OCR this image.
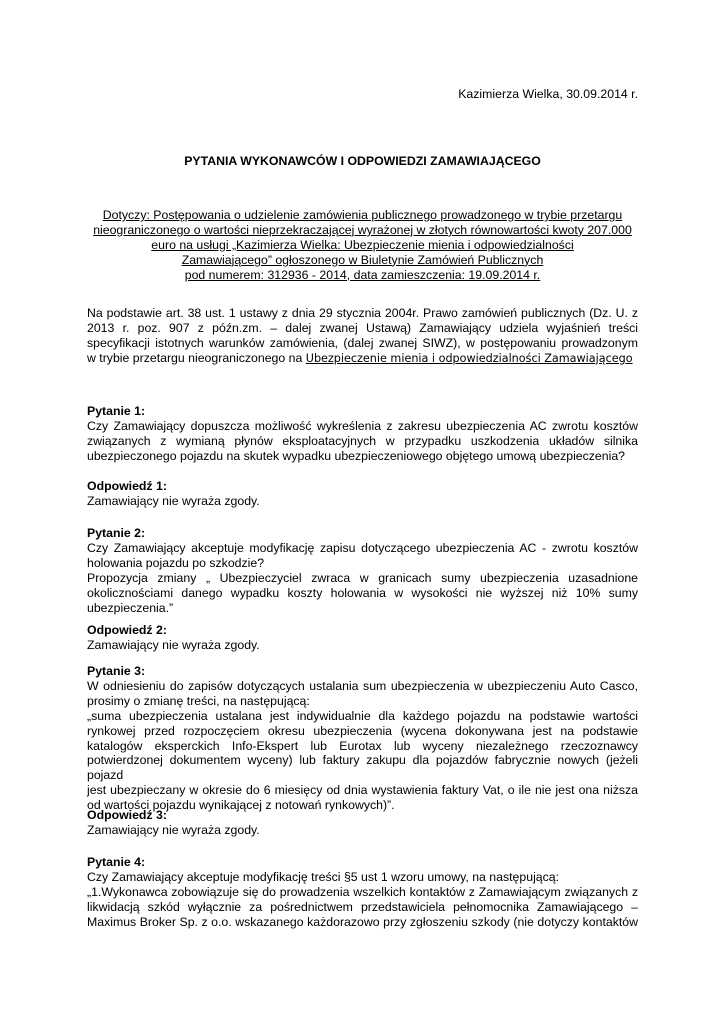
Kazimierza Wielka, 30.09.2014 r.
PYTANIA WYKONAWCÓW I ODPOWIEDZI ZAMAWIAJĄCEGO
Dotyczy: Postępowania o udzielenie zamówienia publicznego prowadzonego w trybie przetargu
nieograniczonego o wartości nieprzekraczającej wyrażonej w złotych równowartości kwoty 207.000
euro na usługi „Kazimierza Wielka: Ubezpieczenie mienia i odpowiedzialności
Zamawiającego” ogłoszonego w Biuletynie Zamówień Publicznych
pod numerem: 312936 - 2014, data zamieszczenia: 19.09.2014 r.
Na podstawie art. 38 ust. 1 ustawy z dnia 29 stycznia 2004r. Prawo zamówień publicznych (Dz. U. z
2013 r. poz. 907 z późn.zm. – dalej zwanej Ustawą) Zamawiający udziela wyjaśnień treści
specyfikacji istotnych warunków zamówienia, (dalej zwanej SIWZ), w postępowaniu prowadzonym
w trybie przetargu nieograniczonego na Ubezpieczenie mienia i odpowiedzialności Zamawiającego
Pytanie 1:
Czy Zamawiający dopuszcza możliwość wykreślenia z zakresu ubezpieczenia AC zwrotu kosztów
związanych z wymianą płynów eksploatacyjnych w przypadku uszkodzenia układów silnika
ubezpieczonego pojazdu na skutek wypadku ubezpieczeniowego objętego umową ubezpieczenia?
Odpowiedź 1:
Zamawiający nie wyraża zgody.
Pytanie 2:
Czy Zamawiający akceptuje modyfikację zapisu dotyczącego ubezpieczenia AC - zwrotu kosztów
holowania pojazdu po szkodzie?
Propozycja zmiany „ Ubezpieczyciel zwraca w granicach sumy ubezpieczenia uzasadnione
okolicznościami danego wypadku koszty holowania w wysokości nie wyższej niż 10% sumy
ubezpieczenia.”
Odpowiedź 2:
Zamawiający nie wyraża zgody.
Pytanie 3:
W odniesieniu do zapisów dotyczących ustalania sum ubezpieczenia w ubezpieczeniu Auto Casco,
prosimy o zmianę treści, na następującą:
„suma ubezpieczenia ustalana jest indywidualnie dla każdego pojazdu na podstawie wartości
rynkowej przed rozpoczęciem okresu ubezpieczenia (wycena dokonywana jest na podstawie
katalogów eksperckich Info-Ekspert lub Eurotax lub wyceny niezależnego rzeczoznawcy
potwierdzonej dokumentem wyceny) lub faktury zakupu dla pojazdów fabrycznie nowych (jeżeli pojazd
jest ubezpieczany w okresie do 6 miesięcy od dnia wystawienia faktury Vat, o ile nie jest ona niższa
od wartości pojazdu wynikającej z notowań rynkowych)”.
Odpowiedź 3:
Zamawiający nie wyraża zgody.
Pytanie 4:
Czy Zamawiający akceptuje modyfikację treści §5 ust 1 wzoru umowy, na następującą:
„1.Wykonawca zobowiązuje się do prowadzenia wszelkich kontaktów z Zamawiającym związanych z
likwidacją szkód wyłącznie za pośrednictwem przedstawiciela pełnomocnika Zamawiającego –
Maximus Broker Sp. z o.o. wskazanego każdorazowo przy zgłoszeniu szkody (nie dotyczy kontaktów
